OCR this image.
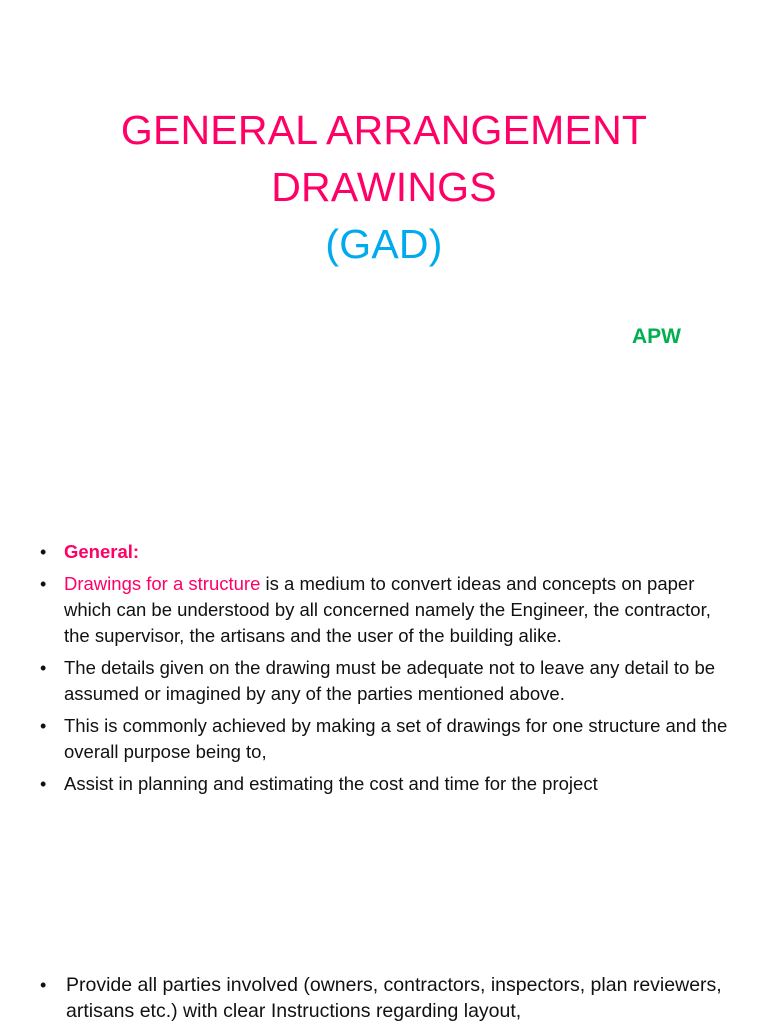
GENERAL ARRANGEMENT
DRAWINGS
(GAD)
APW
• General:
• Drawings for a structure is a medium to convert ideas and concepts on paper which can be understood by all concerned namely the Engineer, the contractor, the supervisor, the artisans and the user of the building alike.
• The details given on the drawing must be adequate not to leave any detail to be assumed or imagined by any of the parties mentioned above.
• This is commonly achieved by making a set of drawings for one structure and the overall purpose being to,
• Assist in planning and estimating the cost and time for the project
•	Provide all parties involved (owners, contractors, inspectors, plan reviewers, artisans etc.) with clear Instructions regarding layout,
